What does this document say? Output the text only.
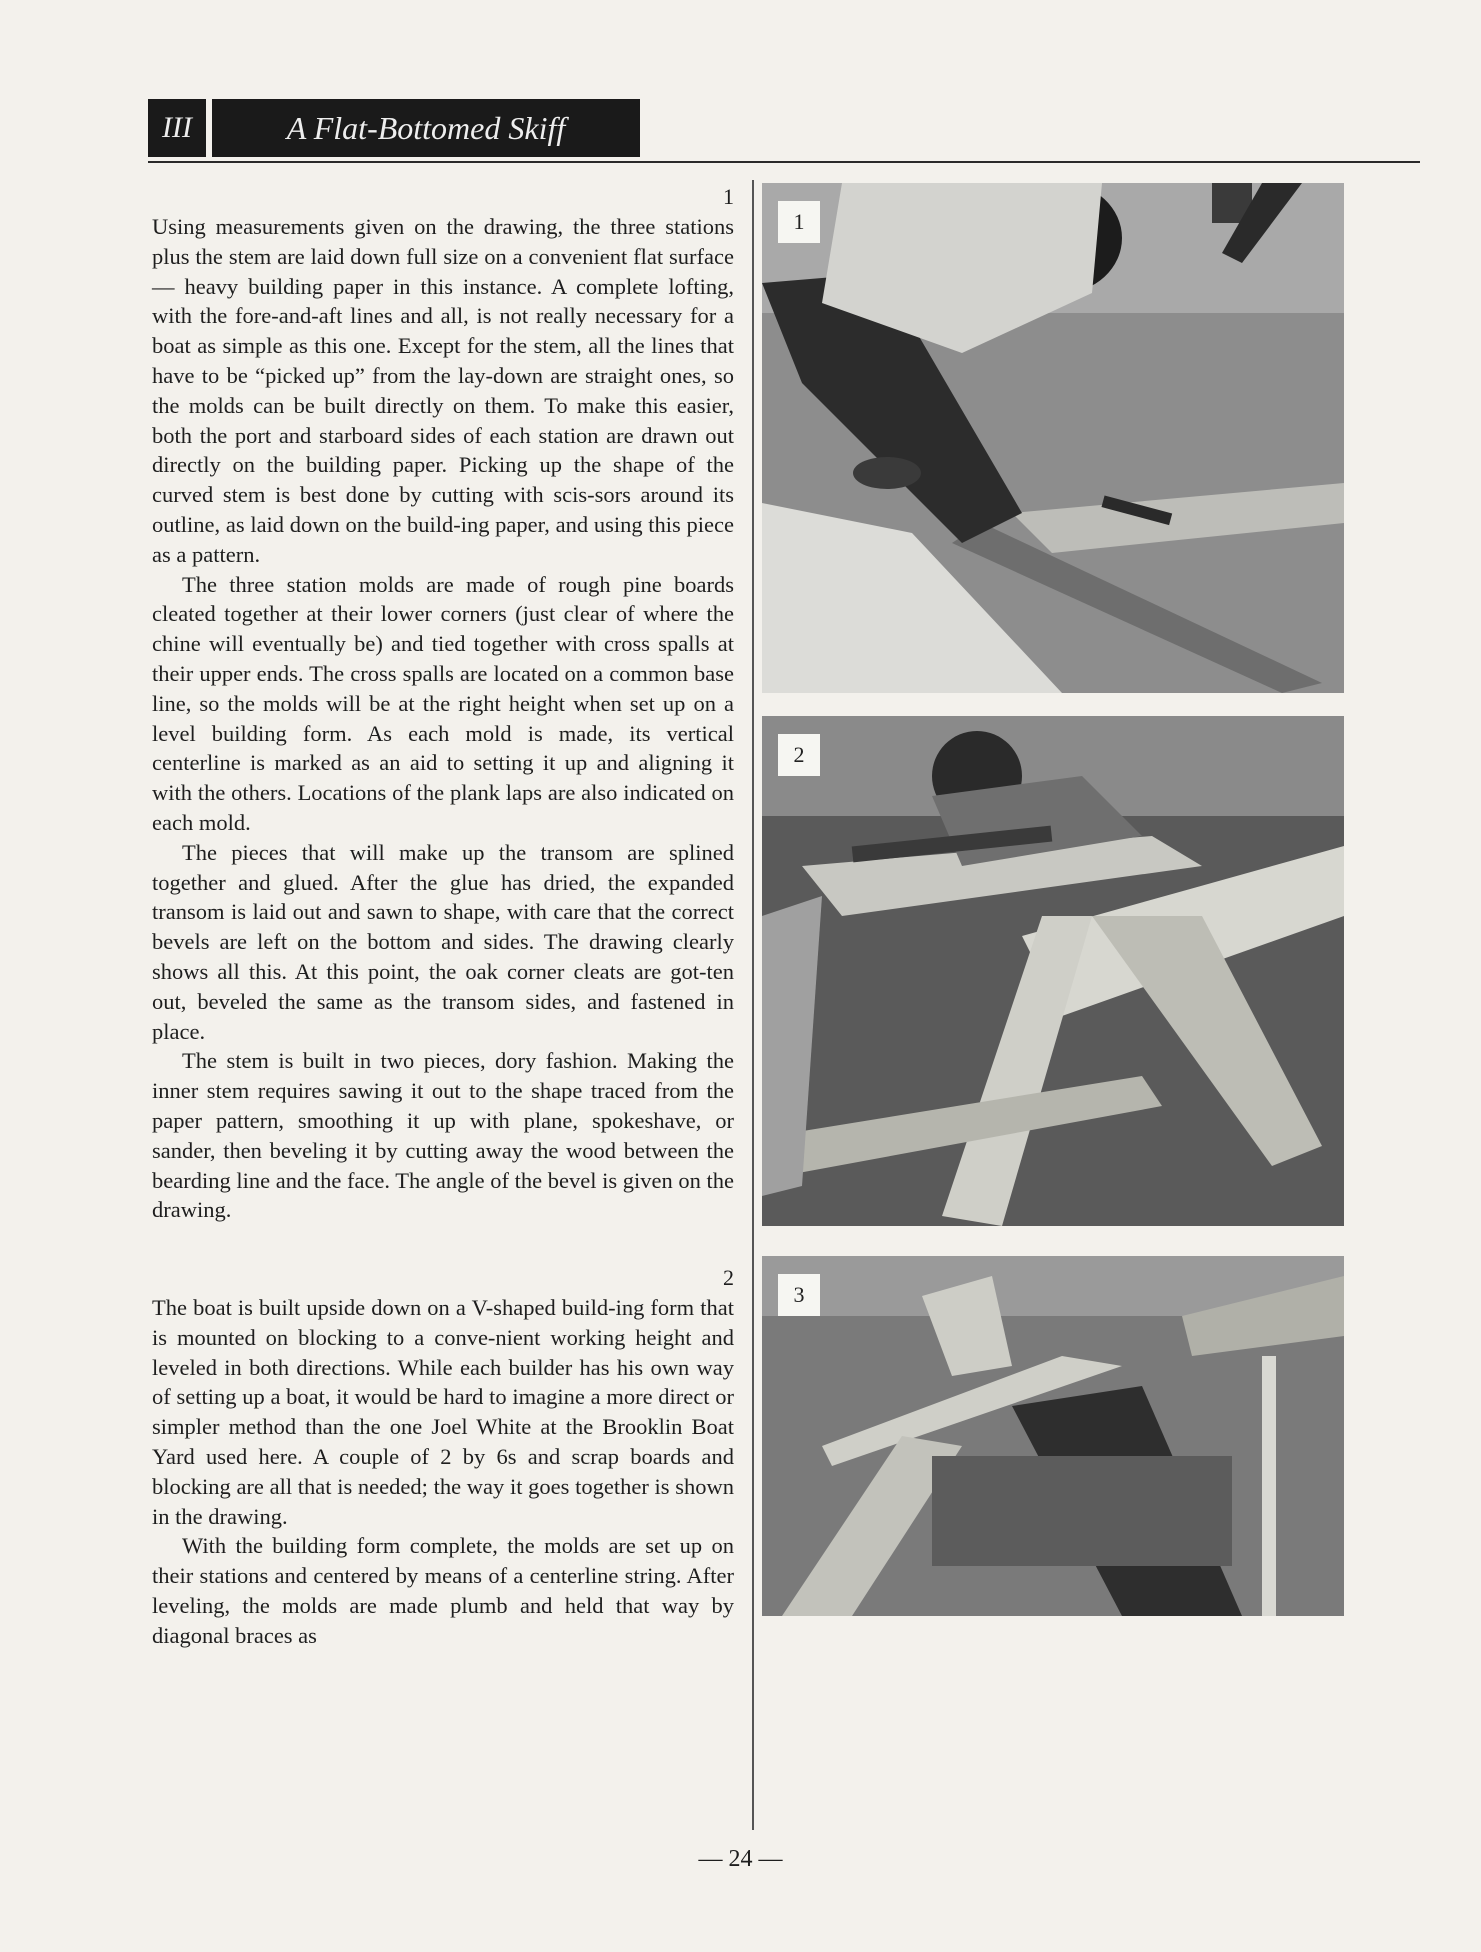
III	A Flat-Bottomed Skiff
1

Using measurements given on the drawing, the three stations plus the stem are laid down full size on a convenient flat surface — heavy building paper in this instance. A complete lofting, with the fore-and-aft lines and all, is not really necessary for a boat as simple as this one. Except for the stem, all the lines that have to be “picked up” from the lay-down are straight ones, so the molds can be built directly on them. To make this easier, both the port and starboard sides of each station are drawn out directly on the building paper. Picking up the shape of the curved stem is best done by cutting with scis-sors around its outline, as laid down on the build-ing paper, and using this piece as a pattern.

The three station molds are made of rough pine boards cleated together at their lower corners (just clear of where the chine will eventually be) and tied together with cross spalls at their upper ends. The cross spalls are located on a common base line, so the molds will be at the right height when set up on a level building form. As each mold is made, its vertical centerline is marked as an aid to setting it up and aligning it with the others. Locations of the plank laps are also indicated on each mold.

The pieces that will make up the transom are splined together and glued. After the glue has dried, the expanded transom is laid out and sawn to shape, with care that the correct bevels are left on the bottom and sides. The drawing clearly shows all this. At this point, the oak corner cleats are got-ten out, beveled the same as the transom sides, and fastened in place.

The stem is built in two pieces, dory fashion. Making the inner stem requires sawing it out to the shape traced from the paper pattern, smoothing it up with plane, spokeshave, or sander, then beveling it by cutting away the wood between the bearding line and the face. The angle of the bevel is given on the drawing.

2

The boat is built upside down on a V-shaped build-ing form that is mounted on blocking to a conve-nient working height and leveled in both directions. While each builder has his own way of setting up a boat, it would be hard to imagine a more direct or simpler method than the one Joel White at the Brooklin Boat Yard used here. A couple of 2 by 6s and scrap boards and blocking are all that is needed; the way it goes together is shown in the drawing.

With the building form complete, the molds are set up on their stations and centered by means of a centerline string. After leveling, the molds are made plumb and held that way by diagonal braces as

1
2
3
— 24 —
